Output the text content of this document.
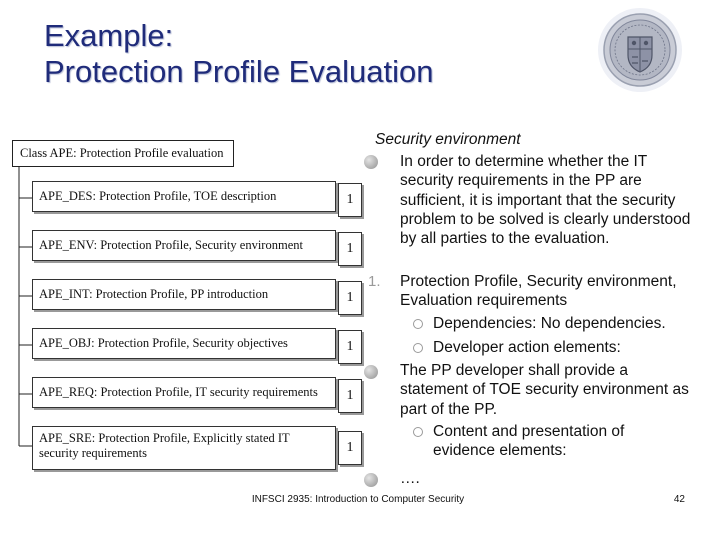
Example:
Protection Profile Evaluation
Class APE: Protection Profile evaluation
APE_DES: Protection Profile, TOE description	1
APE_ENV: Protection Profile, Security environment	1
APE_INT: Protection Profile, PP introduction	1
APE_OBJ: Protection Profile, Security objectives	1
APE_REQ: Protection Profile, IT security requirements	1
APE_SRE: Protection Profile, Explicitly stated IT security requirements	1
Security environment
In order to determine whether the IT security requirements in the PP are sufficient, it is important that the security problem to be solved is clearly understood by all parties to the evaluation.
1.	Protection Profile, Security environment, Evaluation requirements
Dependencies: No dependencies.
Developer action elements:
The PP developer shall provide a statement of TOE security environment as part of the PP.
Content and presentation of evidence elements:
….
INFSCI 2935: Introduction to Computer Security	42
